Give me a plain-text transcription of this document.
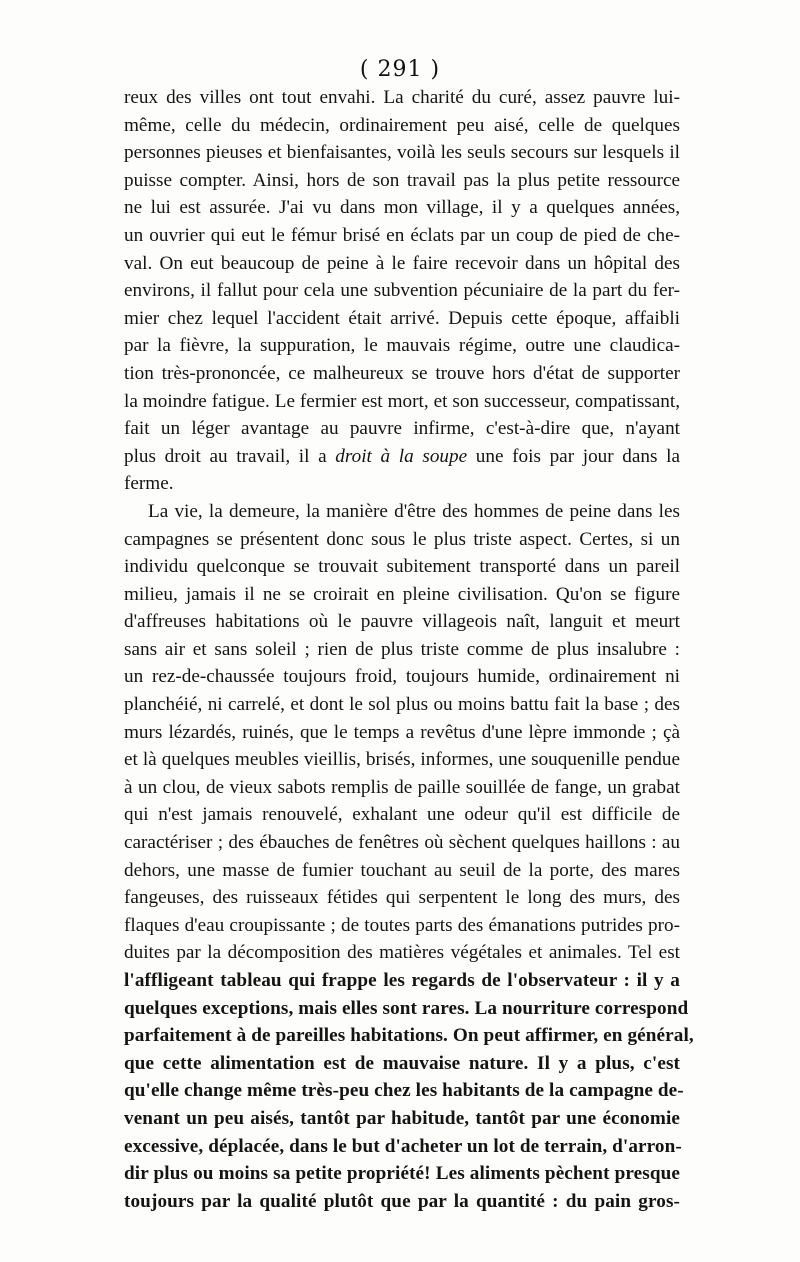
( 291 )
reux des villes ont tout envahi. La charité du curé, assez pauvre lui-
même, celle du médecin, ordinairement peu aisé, celle de quelques
personnes pieuses et bienfaisantes, voilà les seuls secours sur lesquels il
puisse compter. Ainsi, hors de son travail pas la plus petite ressource
ne lui est assurée. J'ai vu dans mon village, il y a quelques années,
un ouvrier qui eut le fémur brisé en éclats par un coup de pied de che-
val. On eut beaucoup de peine à le faire recevoir dans un hôpital des
environs, il fallut pour cela une subvention pécuniaire de la part du fer-
mier chez lequel l'accident était arrivé. Depuis cette époque, affaibli
par la fièvre, la suppuration, le mauvais régime, outre une claudica-
tion très-prononcée, ce malheureux se trouve hors d'état de supporter
la moindre fatigue. Le fermier est mort, et son successeur, compatissant,
fait un léger avantage au pauvre infirme, c'est-à-dire que, n'ayant
plus droit au travail, il a droit à la soupe une fois par jour dans la
ferme.
La vie, la demeure, la manière d'être des hommes de peine dans les
campagnes se présentent donc sous le plus triste aspect. Certes, si un
individu quelconque se trouvait subitement transporté dans un pareil
milieu, jamais il ne se croirait en pleine civilisation. Qu'on se figure
d'affreuses habitations où le pauvre villageois naît, languit et meurt
sans air et sans soleil ; rien de plus triste comme de plus insalubre :
un rez-de-chaussée toujours froid, toujours humide, ordinairement ni
planchéié, ni carrelé, et dont le sol plus ou moins battu fait la base ; des
murs lézardés, ruinés, que le temps a revêtus d'une lèpre immonde ; çà
et là quelques meubles vieillis, brisés, informes, une souquenille pendue
à un clou, de vieux sabots remplis de paille souillée de fange, un grabat
qui n'est jamais renouvelé, exhalant une odeur qu'il est difficile de
caractériser ; des ébauches de fenêtres où sèchent quelques haillons : au
dehors, une masse de fumier touchant au seuil de la porte, des mares
fangeuses, des ruisseaux fétides qui serpentent le long des murs, des
flaques d'eau croupissante ; de toutes parts des émanations putrides pro-
duites par la décomposition des matières végétales et animales. Tel est
l'affligeant tableau qui frappe les regards de l'observateur : il y a
quelques exceptions, mais elles sont rares. La nourriture correspond
parfaitement à de pareilles habitations. On peut affirmer, en général,
que cette alimentation est de mauvaise nature. Il y a plus, c'est
qu'elle change même très-peu chez les habitants de la campagne de-
venant un peu aisés, tantôt par habitude, tantôt par une économie
excessive, déplacée, dans le but d'acheter un lot de terrain, d'arron-
dir plus ou moins sa petite propriété! Les aliments pèchent presque
toujours par la qualité plutôt que par la quantité : du pain gros-
